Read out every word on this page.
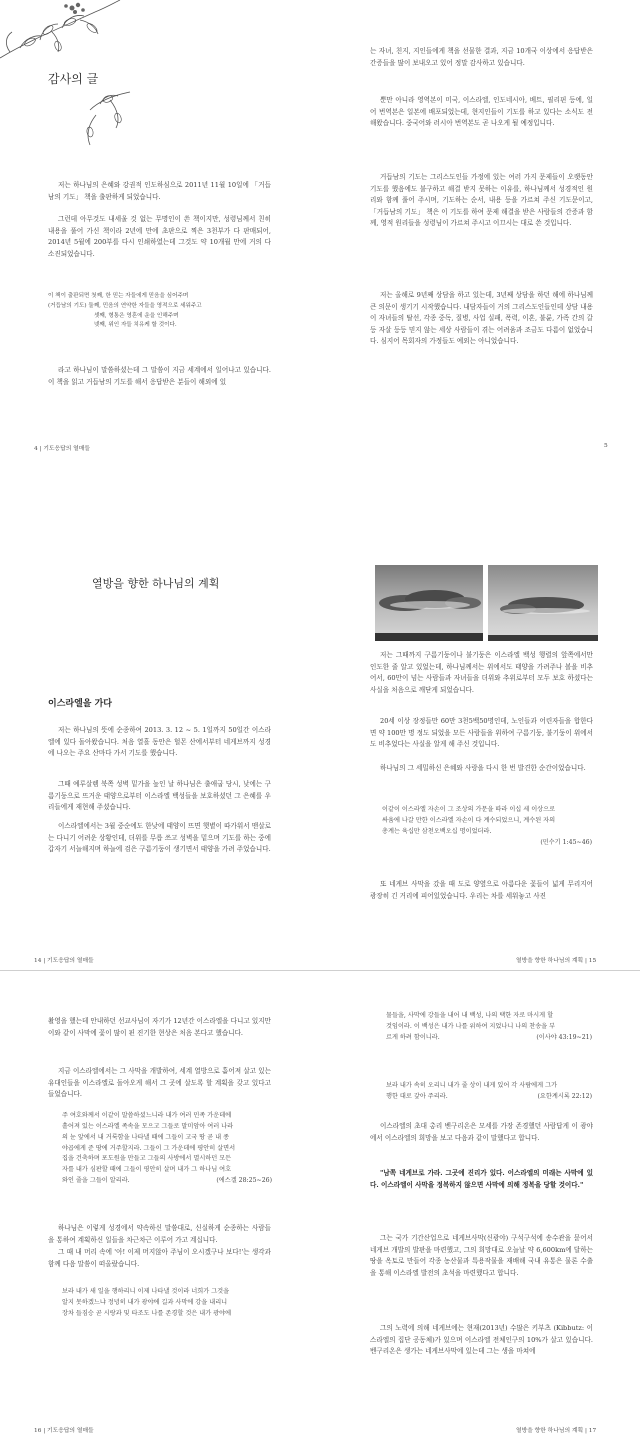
감사의 글

저는 하나님의 은혜와 강권적 인도하심으로 2011년 11월 10일에 「거듭남의 기도」 책을 출판하게 되었습니다.

그런데 아무것도 내세울 것 없는 무명인이 쓴 책이지만, 성령님께서 친히 내용을 풀어 가신 책이라 2년에 만에 초판으로 찍은 3천부가 다 판매되어, 2014년 5월에 200부를 다시 인쇄하였는데 그것도 약 10개월 만에 거의 다 소진되었습니다.

이 책이 출판되면 첫째, 한 믿는 자들에게 믿음을 심어주며
(거듭남의 기도) 둘째, 민음의 연약한 자들을 영적으로 세워주고
셋째, 형통은 영혼에 운을 인해주며
넷째, 위인 자들 치유케 할 것이다.

라고 하나님이 말씀하셨는데 그 말씀이 지금 세계에서 일어나고 있습니다. 이 책을 읽고 거듭남의 기도를 해서 응답받은 분들이 해외에 있

4 | 기도응답의 열매들

는 자녀, 친지, 지인들에게 책을 선물한 결과, 지금 10개국 이상에서 응답받은 간증들을 많이 보내오고 있어 정말 감사하고 있습니다.

뿐만 아니라 영역본이 미국, 이스라엘, 인도네시아, 베트, 필리핀 등에, 일어 번역본은 일본에 배포되었는데, 현지인들이 기도를 하고 있다는 소식도 전해왔습니다. 중국어와 러시아 번역본도 곧 나오게 될 예정입니다.

거듭남의 기도는 그리스도인들 가정에 있는 여러 가지 문제들이 오랫동안 기도를 했음에도 불구하고 해결 받지 못하는 이유를, 하나님께서 성경적인 원리와 함께 풀어 주시며, 기도하는 순서, 내용 등을 가르쳐 주신 기도문이고, 「거듭남의 기도」 책은 이 기도를 하여 문제 해결을 받은 사람들의 간증과 함께, 영적 원리들을 성령님이 가르쳐 주시고 이끄시는 대로 쓴 것입니다.

저는 올해로 9년째 상담을 하고 있는데, 3년째 상담을 하던 해에 하나님께 큰 의문이 생기기 시작했습니다. 내담자들이 거의 그리스도인들인데 상담 내용이 자녀들의 탈선, 각종 중독, 질병, 사업 실패, 폭력, 이혼, 불륜, 가족 간의 갈등 자살 등등 믿지 않는 세상 사람들이 겪는 어려움과 조금도 다름이 없었습니다. 심지어 목회자의 가정들도 예외는 아니었습니다.

5
열방을 향한 하나님의 계획
이스라엘을 가다

저는 하나님의 뜻에 순종하여 2013. 3. 12 ~ 5. 1일까지 50일간 이스라엘에 있다 돌아왔습니다. 처음 열흘 동안은 헐몬 산에서부터 네게브까지 성경에 나오는 주요 산마다 가서 기도를 했습니다.

그때 예루살렘 북쪽 성벽 밑가을 높인 날 하나님은 출애굽 당시, 낮에는 구름기둥으로 뜨거운 태양으로부터 이스라엘 백성들을 보호하셨던 그 은혜를 우리들에게 재현해 주셨습니다.

이스라엘에서는 3월 중순에도 한낮에 태양이 뜨면 햇볕이 따가워서 맨살로는 다니기 어려운 상황인데, 더위를 무릅 쓰고 성벽을 밑으며 기도를 하는 중에 갑자기 서늘해지며 하늘에 검은 구름기둥이 생기면서 태양을 가려 주었습니다.

14 | 기도응답의 열매들

저는 그때까지 구름기둥이나 불기둥은 이스라엘 백성 행렬의 앞쪽에서만 인도한 줄 알고 있었는데, 하나님께서는 위에서도 태양을 가려주나 볼을 비추어서, 60만이 넘는 사람들과 자녀들을 더위와 추위로부터 모두 보호 하셨다는 사실을 처음으로 깨닫게 되었습니다.

20세 이상 장정들만 60만 3천5백50명인데, 노인들과 어린자들을 합한다면 약 100만 명 정도 되었을 모든 사람들을 위하여 구름기둥, 불기둥이 위에서도 비추었다는 사실을 알게 해 주신 것입니다.

하나님의 그 세밀하신 은혜와 사랑을 다시 한 번 발견한 순간이었습니다.

이같이 이스라엘 자손이 그 조상의 가문을 따라 이십 세 이상으로
싸움에 나갈 만한 이스라엘 자손이 다 계수되었으니, 계수된 자의
총계는 육십만 삼천오백오십 명이었더라.
(민수기 1:45~46)

또 네게브 사막을 갔을 때 도로 양옆으로 아름다운 꽃들이 넓게 무리지어 광장히 긴 거리에 피어있었습니다. 우리는 차를 세워놓고 사진

열방을 향한 하나님의 계획 | 15

촬영을 했는데 안내하던 선교사님이 자기가 12년간 이스라엘을 다니고 있지만 이와 같이 사막에 꽃이 많이 핀 진기한 현상은 처음 본다고 했습니다.

지금 이스라엘에서는 그 사막을 개발하여, 세계 열방으로 흩어져 살고 있는 유대인들을 이스라엘로 돌아오게 해서 그 곳에 살도록 할 계획을 갖고 있다고 들었습니다.

주 여호와께서 이같이 말씀하셨느니라 내가 여러 민족 가운데에
흩어져 있는 이스라엘 족속을 모으고 그들로 말미암아 여러 나라
의 눈 앞에서 내 거룩함을 나타낼 때에 그들이 고국 땅 곧 내 종
야곱에게 준 땅에 거주할지라. 그들이 그 가운데에 평안히 살면서
집을 건축하며 포도원을 만들고 그들의 사방에서 멸시하던 모든
자를 내가 심판할 때에 그들이 평안히 살며 내가 그 하나님 여호
와인 줄을 그들이 알리라.	(에스겔 28:25~26)

하나님은 이렇게 성경에서 약속하신 말씀대로, 신실하게 순종하는 사람들을 통하여 계획하신 일들을 차근차근 이루어 가고 계십니다.

그 때 내 머리 속에 '아! 이제 머지않아 주님이 오시겠구나 보다!'는 생각과 함께 다음 말씀이 떠올랐습니다.

보라 내가 새 일을 행하리니 이제 나타낼 것이라 너희가 그것을
알지 못하겠느냐 정녕히 내가 광야에 길과 사막에 강을 내리니
장차 들짐승 곧 시랑과 및 타조도 나를 존경할 것은 내가 광야에
16 | 기도응답의 열매들
물들을, 사막에 강들을 내어 내 백성, 나의 택한 자로 마시게 할
것임이라. 이 백성은 내가 나를 위하여 지었나니 나의 찬송을 부
르게 하려 함이니라.	(이사야 43:19~21)
보라 내가 속히 오리니 내가 줄 상이 내게 있어 각 사람에게 그가
행한 대로 갚아 주리라.	(요한계시록 22:12)

이스라엘의 초대 총리 벤구리온은 모세를 가장 존경했던 사람답게 이 광야에서 이스라엘의 희망을 보고 다음과 같이 말했다고 합니다.

"남쪽 네게브로 가라. 그곳에 진리가 있다. 이스라엘의 미래는 사막에 있다. 이스라엘이 사막을 정복하지 않으면 사막에 의해 정복을 당할 것이다."

그는 국가 기간산업으로 네게브사막(신광야) 구석구석에 송수관을 묻어서 네게브 개발의 발판을 마련했고, 그의 희망대로 오늘날 약 6,600km에 달하는 땅을 옥토로 만들어 각종 농산물과 특용작물을 재배해 국내 유통은 물론 수출을 통해 이스라엘 발전의 초석을 마련했다고 합니다.

그의 노력에 의해 네게브에는 현재(2013년) 수많은 키부츠 (Kibbutz: 이스라엘의 집단 공동체)가 있으며 이스라엘 전체인구의 10%가 살고 있습니다. 벤구리온은 생가는 네게브사막에 있는데 그는 생을 마쳐에

열방을 향한 하나님의 계획 | 17
